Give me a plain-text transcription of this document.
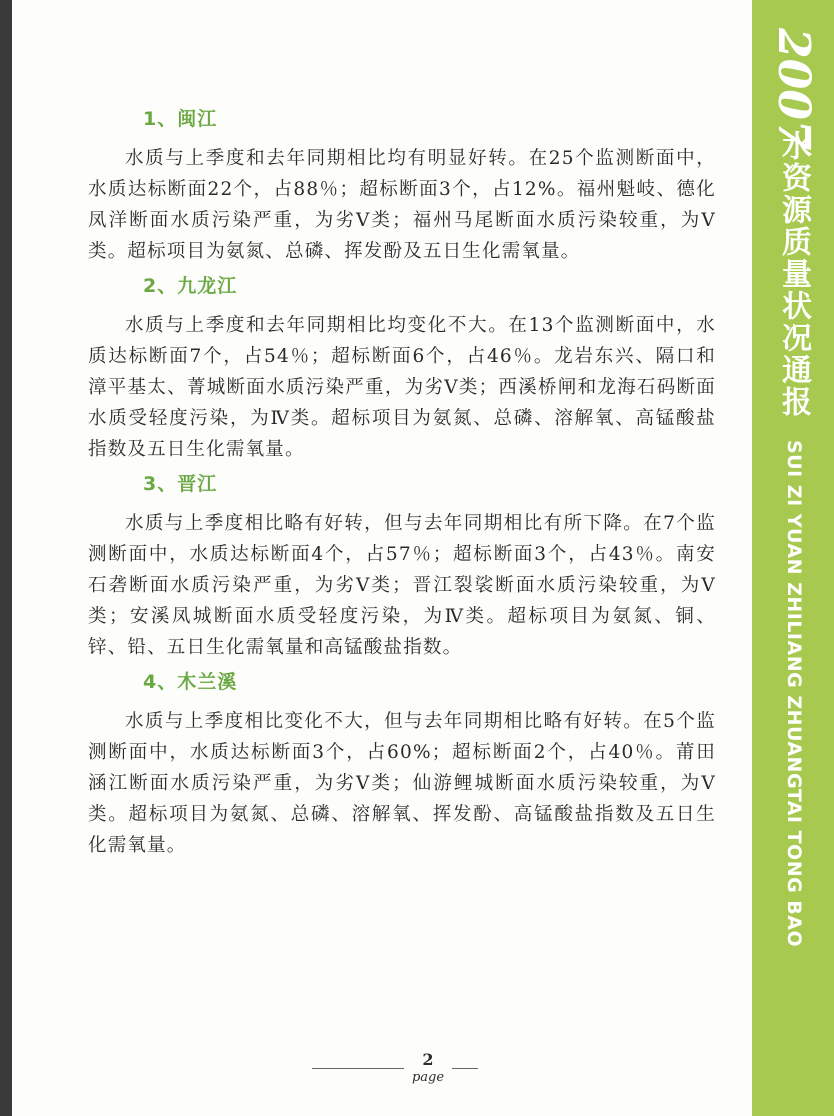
1、闽江

水质与上季度和去年同期相比均有明显好转。在25个监测断面中，水质达标断面22个，占88％；超标断面3个，占12%。福州魁岐、德化凤洋断面水质污染严重，为劣Ⅴ类；福州马尾断面水质污染较重，为Ⅴ类。超标项目为氨氮、总磷、挥发酚及五日生化需氧量。

2、九龙江

水质与上季度和去年同期相比均变化不大。在13个监测断面中，水质达标断面7个，占54％；超标断面6个，占46％。龙岩东兴、隔口和漳平基太、菁城断面水质污染严重，为劣Ⅴ类；西溪桥闸和龙海石码断面水质受轻度污染，为Ⅳ类。超标项目为氨氮、总磷、溶解氧、高锰酸盐指数及五日生化需氧量。

3、晋江

水质与上季度相比略有好转，但与去年同期相比有所下降。在7个监测断面中，水质达标断面4个，占57％；超标断面3个，占43％。南安石砻断面水质污染严重，为劣Ⅴ类；晋江裂裟断面水质污染较重，为Ⅴ类；安溪凤城断面水质受轻度污染，为Ⅳ类。超标项目为氨氮、铜、锌、铅、五日生化需氧量和高锰酸盐指数。

4、木兰溪

水质与上季度相比变化不大，但与去年同期相比略有好转。在5个监测断面中，水质达标断面3个，占60%；超标断面2个，占40％。莆田涵江断面水质污染严重，为劣Ⅴ类；仙游鲤城断面水质污染较重，为Ⅴ类。超标项目为氨氮、总磷、溶解氧、挥发酚、高锰酸盐指数及五日生化需氧量。

2
page
2007
水资源质量状况通报
SUI ZI YUAN ZHILIANG ZHUANGTAI TONG BAO
